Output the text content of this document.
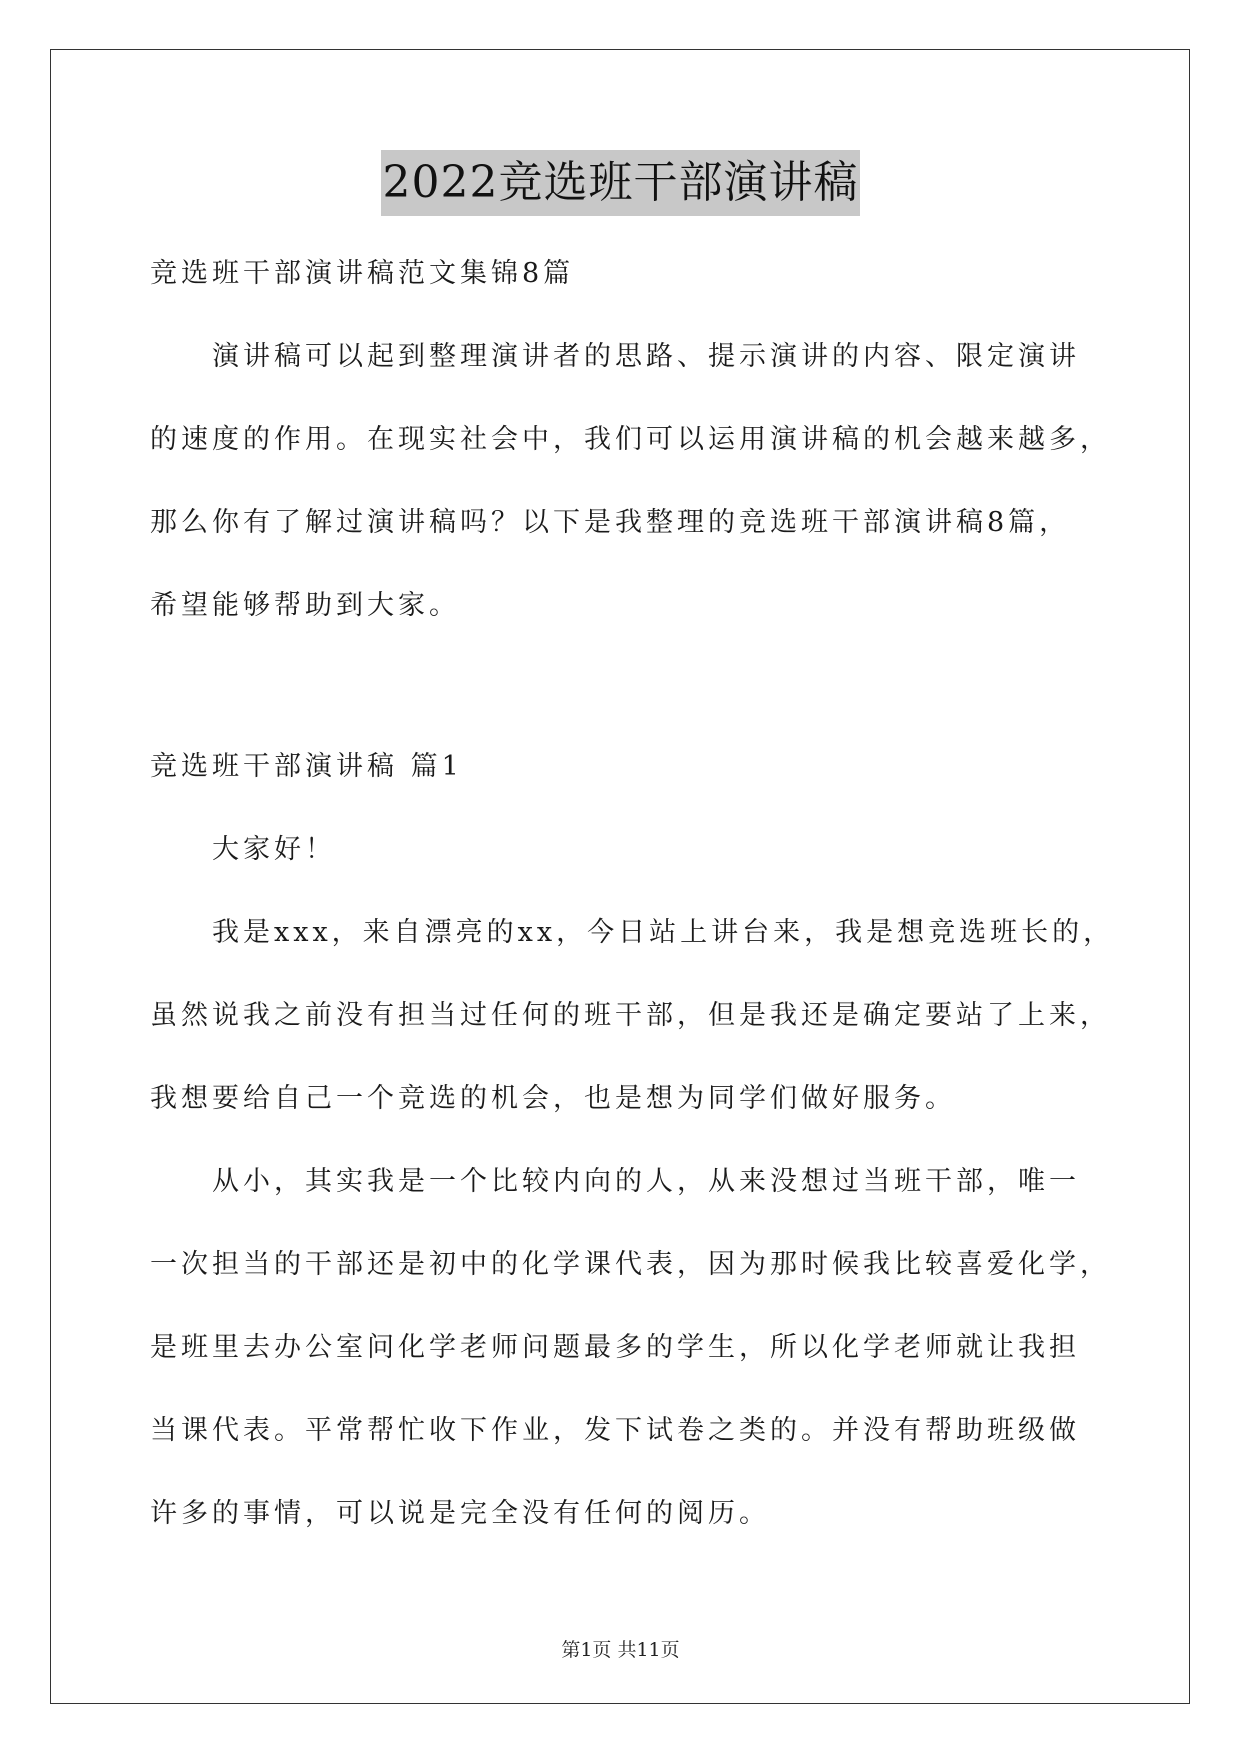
2022竞选班干部演讲稿
竞选班干部演讲稿范文集锦8篇
演讲稿可以起到整理演讲者的思路、提示演讲的内容、限定演讲
的速度的作用。在现实社会中，我们可以运用演讲稿的机会越来越多，
那么你有了解过演讲稿吗？以下是我整理的竞选班干部演讲稿8篇，
希望能够帮助到大家。
竞选班干部演讲稿 篇1
大家好！
我是xxx，来自漂亮的xx，今日站上讲台来，我是想竞选班长的，
虽然说我之前没有担当过任何的班干部，但是我还是确定要站了上来，
我想要给自己一个竞选的机会，也是想为同学们做好服务。
从小，其实我是一个比较内向的人，从来没想过当班干部，唯一
一次担当的干部还是初中的化学课代表，因为那时候我比较喜爱化学，
是班里去办公室问化学老师问题最多的学生，所以化学老师就让我担
当课代表。平常帮忙收下作业，发下试卷之类的。并没有帮助班级做
许多的事情，可以说是完全没有任何的阅历。
第1页 共11页
